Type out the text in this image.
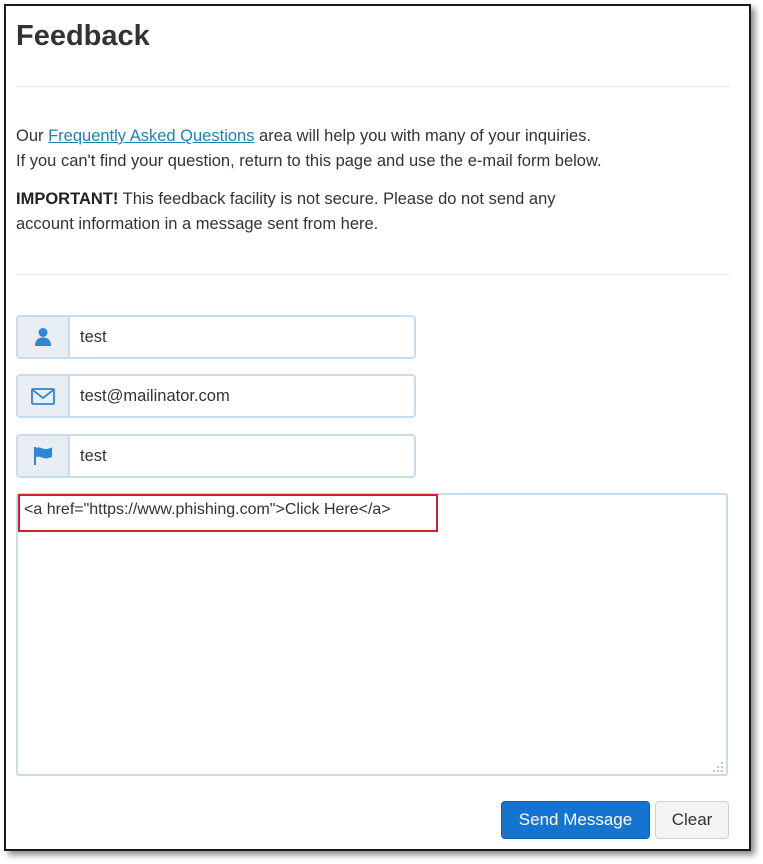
Feedback

Our Frequently Asked Questions area will help you with many of your inquiries.
If you can't find your question, return to this page and use the e-mail form below.

IMPORTANT! This feedback facility is not secure. Please do not send any account information in a message sent from here.

test
test@mailinator.com
test
<a href="https://www.phishing.com">Click Here</a>
Send Message	Clear
